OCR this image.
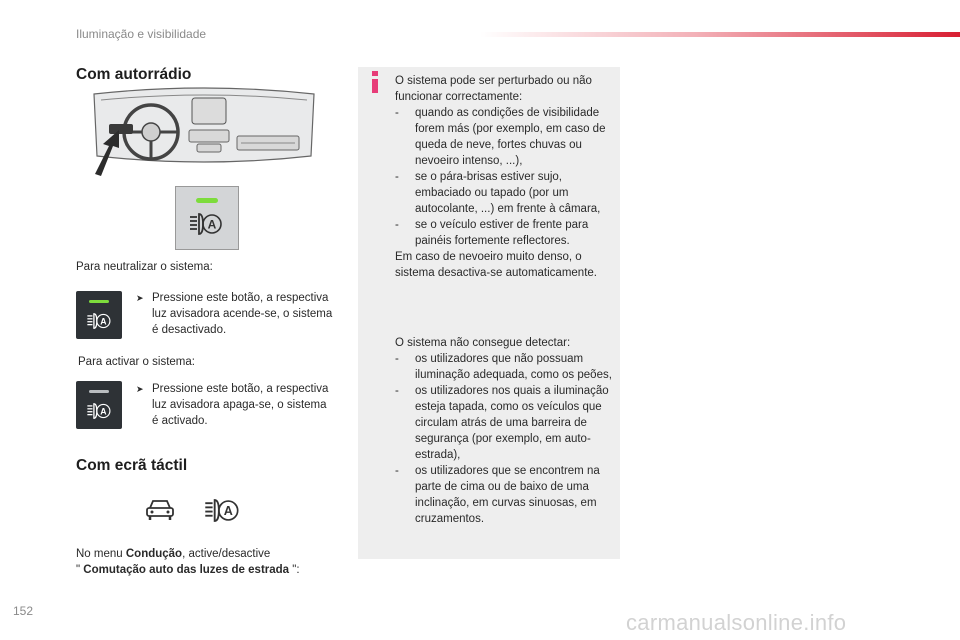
Iluminação e visibilidade
Com autorrádio
A
Para neutralizar o sistema:
A
➤ Pressione este botão, a respectiva luz avisadora acende-se, o sistema é desactivado.
Para activar o sistema:
A
➤ Pressione este botão, a respectiva luz avisadora apaga-se, o sistema é activado.
Com ecrã táctil
A
No menu Condução, active/desactive
" Comutação auto das luzes de estrada ":
O sistema pode ser perturbado ou não funcionar correctamente:
- quando as condições de visibilidade forem más (por exemplo, em caso de queda de neve, fortes chuvas ou nevoeiro intenso, ...),
- se o pára-brisas estiver sujo, embaciado ou tapado (por um autocolante, ...) em frente à câmara,
- se o veículo estiver de frente para painéis fortemente reflectores.
Em caso de nevoeiro muito denso, o sistema desactiva-se automaticamente.
O sistema não consegue detectar:
- os utilizadores que não possuam iluminação adequada, como os peões,
- os utilizadores nos quais a iluminação esteja tapada, como os veículos que circulam atrás de uma barreira de segurança (por exemplo, em auto-estrada),
- os utilizadores que se encontrem na parte de cima ou de baixo de uma inclinação, em curvas sinuosas, em cruzamentos.
152	carmanualsonline.info
